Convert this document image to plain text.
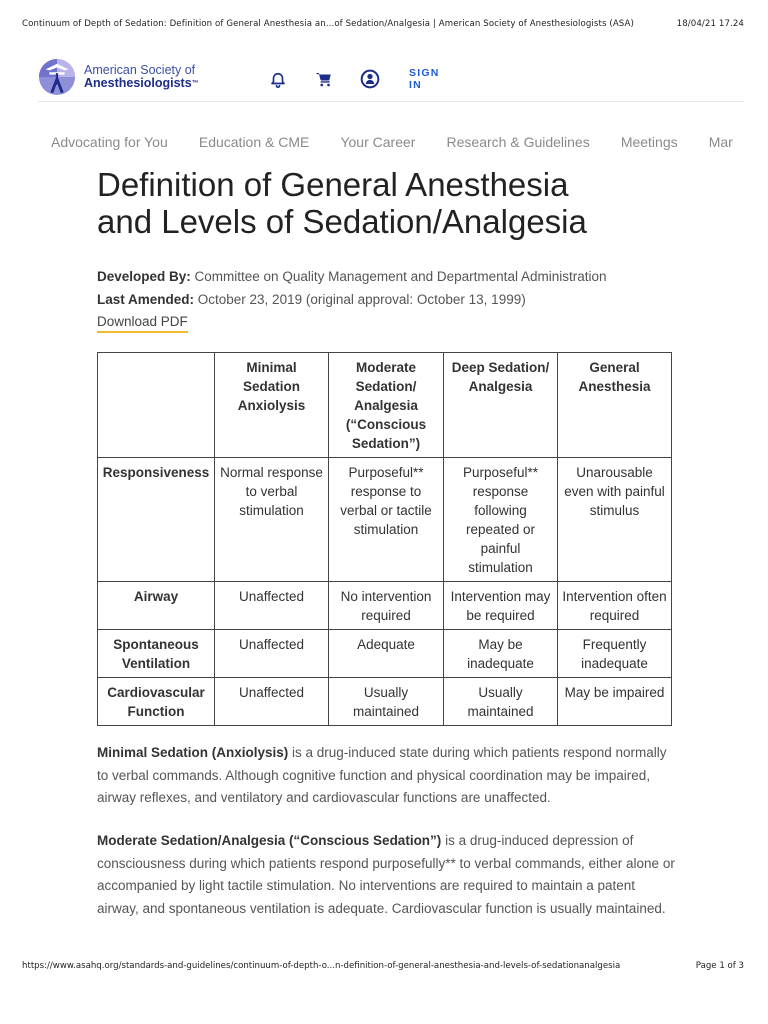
Continuum of Depth of Sedation: Definition of General Anesthesia an...of Sedation/Analgesia | American Society of Anesthesiologists (ASA)	18/04/21 17.24
American Society of
Anesthesiologists™
SIGN
IN
Advocating for You Education & CME Your Career Research & Guidelines Meetings Mar
Definition of General Anesthesia
and Levels of Sedation/Analgesia
Developed By: Committee on Quality Management and Departmental Administration
Last Amended: October 23, 2019 (original approval: October 13, 1999)
Download PDF
	Minimal Sedation Anxiolysis	Moderate Sedation/ Analgesia (“Conscious Sedation”)	Deep Sedation/ Analgesia	General Anesthesia
Responsiveness	Normal response to verbal stimulation	Purposeful** response to verbal or tactile stimulation	Purposeful** response following repeated or painful stimulation	Unarousable even with painful stimulus
Airway	Unaffected	No intervention required	Intervention may be required	Intervention often required
Spontaneous Ventilation	Unaffected	Adequate	May be inadequate	Frequently inadequate
Cardiovascular Function	Unaffected	Usually maintained	Usually maintained	May be impaired

Minimal Sedation (Anxiolysis) is a drug-induced state during which patients respond normally to verbal commands. Although cognitive function and physical coordination may be impaired, airway reflexes, and ventilatory and cardiovascular functions are unaffected.

Moderate Sedation/Analgesia (“Conscious Sedation”) is a drug-induced depression of consciousness during which patients respond purposefully** to verbal commands, either alone or accompanied by light tactile stimulation. No interventions are required to maintain a patent airway, and spontaneous ventilation is adequate. Cardiovascular function is usually maintained.

https://www.asahq.org/standards-and-guidelines/continuum-of-depth-o...n-definition-of-general-anesthesia-and-levels-of-sedationanalgesia	Page 1 of 3
